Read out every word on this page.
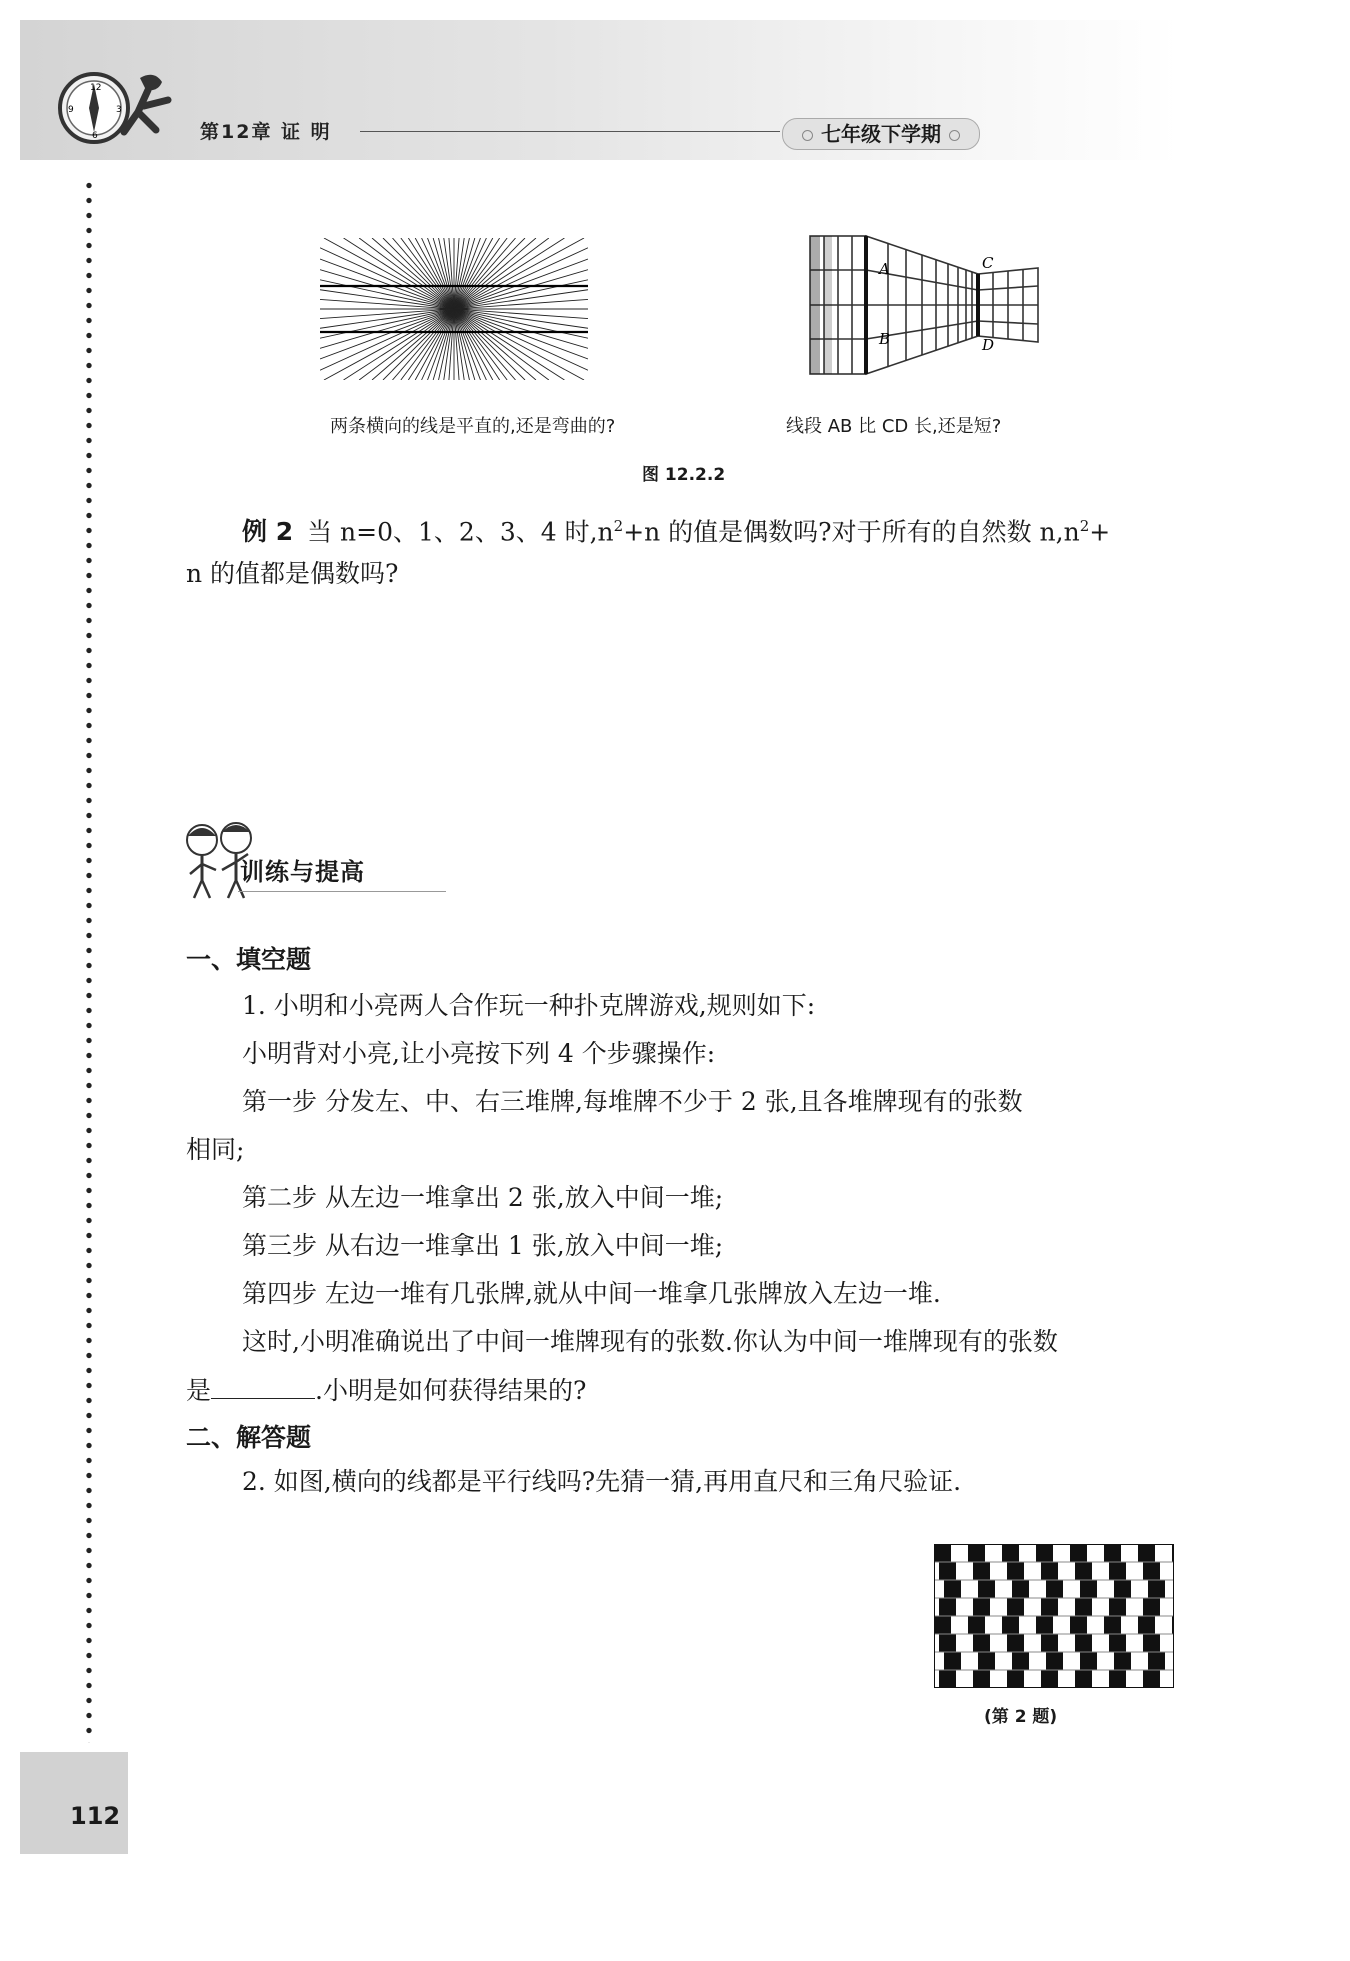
12
3
6
9
第12章 证 明	七年级下学期
A
B
C
D
两条横向的线是平直的,还是弯曲的?	线段 AB 比 CD 长,还是短?
图 12.2.2
例 2 当 n=0、1、2、3、4 时$,n^2+n$ 的值是偶数吗?对于所有的自然数 $n,n^2+$
n 的值都是偶数吗?
训练与提高
一、填空题
1. 小明和小亮两人合作玩一种扑克牌游戏,规则如下:
小明背对小亮,让小亮按下列 4 个步骤操作:
第一步 分发左、中、右三堆牌,每堆牌不少于 2 张,且各堆牌现有的张数
相同;
第二步 从左边一堆拿出 2 张,放入中间一堆;
第三步 从右边一堆拿出 1 张,放入中间一堆;
第四步 左边一堆有几张牌,就从中间一堆拿几张牌放入左边一堆.
这时,小明准确说出了中间一堆牌现有的张数.你认为中间一堆牌现有的张数
是	.小明是如何获得结果的?
二、解答题
2. 如图,横向的线都是平行线吗?先猜一猜,再用直尺和三角尺验证.
(第 2 题)
112
